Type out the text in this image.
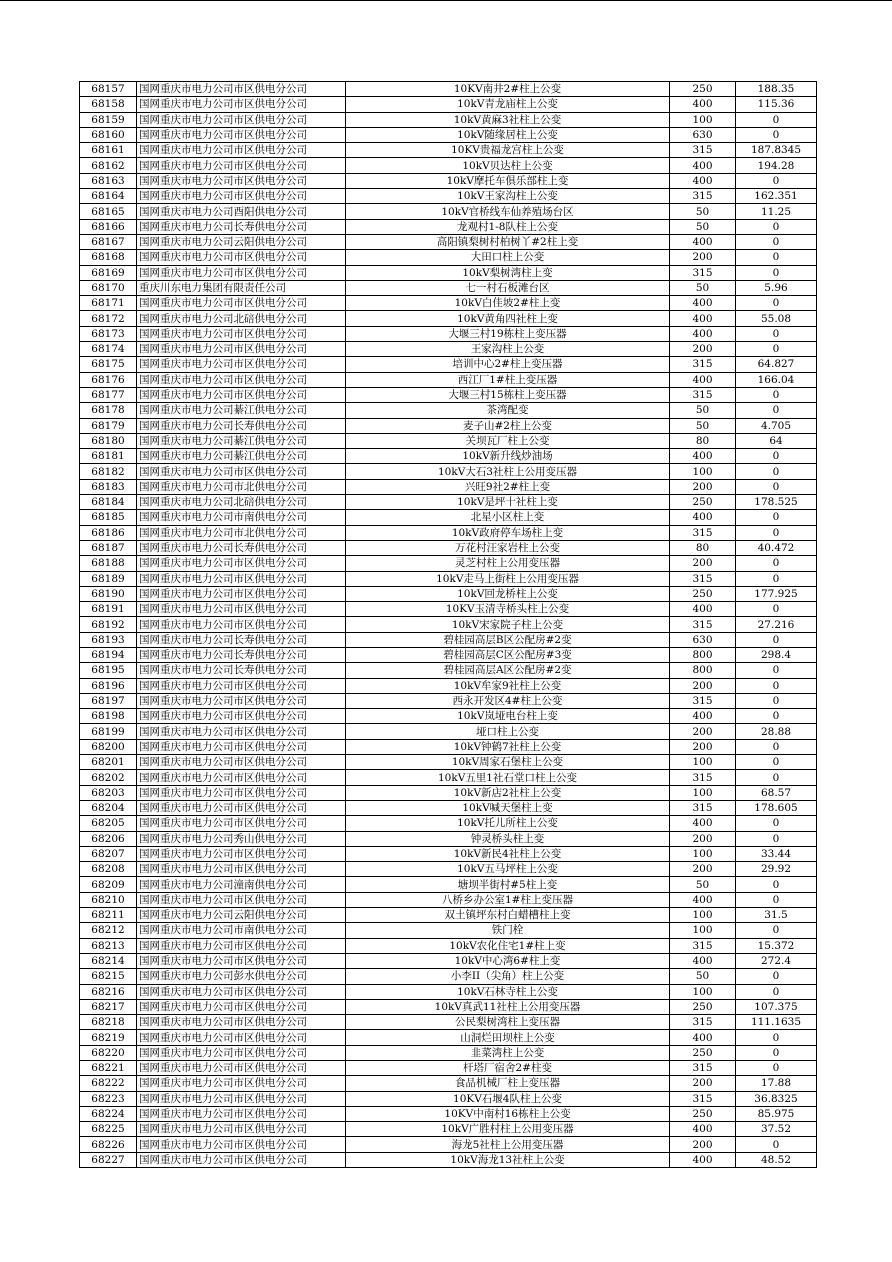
68157	国网重庆市电力公司市区供电分公司	10KV南井2#柱上公变	250	188.35
68158	国网重庆市电力公司市区供电分公司	10kV青龙庙柱上公变	400	115.36
68159	国网重庆市电力公司市区供电分公司	10kV黄麻3社柱上公变	100	0
68160	国网重庆市电力公司市区供电分公司	10kV随缘居柱上公变	630	0
68161	国网重庆市电力公司市区供电分公司	10KV贵福龙宫柱上公变	315	187.8345
68162	国网重庆市电力公司市区供电分公司	10kV贝达柱上公变	400	194.28
68163	国网重庆市电力公司市区供电分公司	10kV摩托车俱乐部柱上变	400	0
68164	国网重庆市电力公司市区供电分公司	10kV王家沟柱上公变	315	162.351
68165	国网重庆市电力公司酉阳供电分公司	10kV官桥线车仙养殖场台区	50	11.25
68166	国网重庆市电力公司长寿供电分公司	龙观村1-8队柱上公变	50	0
68167	国网重庆市电力公司云阳供电分公司	高阳镇梨树村柏树丫#2柱上变	400	0
68168	国网重庆市电力公司市区供电分公司	大田口柱上公变	200	0
68169	国网重庆市电力公司市区供电分公司	10kV梨树湾柱上变	315	0
68170	重庆川东电力集团有限责任公司	七一村石板滩台区	50	5.96
68171	国网重庆市电力公司市区供电分公司	10kV白佳坡2#柱上变	400	0
68172	国网重庆市电力公司北碚供电分公司	10kV黄角四社柱上变	400	55.08
68173	国网重庆市电力公司市区供电分公司	大堰三村19栋柱上变压器	400	0
68174	国网重庆市电力公司市区供电分公司	王家沟柱上公变	200	0
68175	国网重庆市电力公司市区供电分公司	培训中心2#柱上变压器	315	64.827
68176	国网重庆市电力公司市区供电分公司	西江厂1#柱上变压器	400	166.04
68177	国网重庆市电力公司市区供电分公司	大堰三村15栋柱上变压器	315	0
68178	国网重庆市电力公司綦江供电分公司	茶湾配变	50	0
68179	国网重庆市电力公司长寿供电分公司	麦子山#2柱上公变	50	4.705
68180	国网重庆市电力公司綦江供电分公司	关坝瓦厂柱上公变	80	64
68181	国网重庆市电力公司綦江供电分公司	10kV新升线炒油场	400	0
68182	国网重庆市电力公司市区供电分公司	10kV大石3社柱上公用变压器	100	0
68183	国网重庆市电力公司市北供电分公司	兴旺9社2#柱上变	200	0
68184	国网重庆市电力公司北碚供电分公司	10kV是坪十社柱上变	250	178.525
68185	国网重庆市电力公司市南供电分公司	北星小区柱上变	400	0
68186	国网重庆市电力公司市北供电分公司	10kV政府停车场柱上变	315	0
68187	国网重庆市电力公司长寿供电分公司	万花村汪家岩柱上公变	80	40.472
68188	国网重庆市电力公司市区供电分公司	灵芝村柱上公用变压器	200	0
68189	国网重庆市电力公司市区供电分公司	10kV走马上街柱上公用变压器	315	0
68190	国网重庆市电力公司市区供电分公司	10kV回龙桥柱上公变	250	177.925
68191	国网重庆市电力公司市区供电分公司	10KV玉清寺桥头柱上公变	400	0
68192	国网重庆市电力公司市区供电分公司	10kV宋家院子柱上公变	315	27.216
68193	国网重庆市电力公司长寿供电分公司	碧桂园高层B区公配房#2变	630	0
68194	国网重庆市电力公司长寿供电分公司	碧桂园高层C区公配房#3变	800	298.4
68195	国网重庆市电力公司长寿供电分公司	碧桂园高层A区公配房#2变	800	0
68196	国网重庆市电力公司市区供电分公司	10kV牟家9社柱上公变	200	0
68197	国网重庆市电力公司市区供电分公司	西永开发区4#柱上公变	315	0
68198	国网重庆市电力公司市区供电分公司	10kV岚垭电台柱上变	400	0
68199	国网重庆市电力公司市区供电分公司	垭口柱上公变	200	28.88
68200	国网重庆市电力公司市区供电分公司	10kV钟鹤7社柱上公变	200	0
68201	国网重庆市电力公司市区供电分公司	10kV周家石堡柱上公变	100	0
68202	国网重庆市电力公司市区供电分公司	10kV五里1社石堂口柱上公变	315	0
68203	国网重庆市电力公司市区供电分公司	10kV新店2社柱上公变	100	68.57
68204	国网重庆市电力公司市区供电分公司	10kV喊天堡柱上变	315	178.605
68205	国网重庆市电力公司市区供电分公司	10kV托儿所柱上公变	400	0
68206	国网重庆市电力公司秀山供电分公司	钟灵桥头柱上变	200	0
68207	国网重庆市电力公司市区供电分公司	10kV新民4社柱上公变	100	33.44
68208	国网重庆市电力公司市区供电分公司	10kV五马坪柱上公变	200	29.92
68209	国网重庆市电力公司潼南供电分公司	塘坝半街村#5柱上变	50	0
68210	国网重庆市电力公司市区供电分公司	八桥乡办公室1#柱上变压器	400	0
68211	国网重庆市电力公司云阳供电分公司	双土镇坪东村白蜡槽柱上变	100	31.5
68212	国网重庆市电力公司市南供电分公司	铁门栓	100	0
68213	国网重庆市电力公司市区供电分公司	10kV农化住宅1#柱上变	315	15.372
68214	国网重庆市电力公司市区供电分公司	10kV中心湾6#柱上变	400	272.4
68215	国网重庆市电力公司彭水供电分公司	小李II（尖角）柱上公变	50	0
68216	国网重庆市电力公司市区供电分公司	10kV石林寺柱上公变	100	0
68217	国网重庆市电力公司市区供电分公司	10kV真武11社柱上公用变压器	250	107.375
68218	国网重庆市电力公司市区供电分公司	公民梨树湾柱上变压器	315	111.1635
68219	国网重庆市电力公司市区供电分公司	山洞烂田坝柱上公变	400	0
68220	国网重庆市电力公司市区供电分公司	韭菜湾柱上公变	250	0
68221	国网重庆市电力公司市区供电分公司	杆塔厂宿舍2#柱变	315	0
68222	国网重庆市电力公司市区供电分公司	食品机械厂柱上变压器	200	17.88
68223	国网重庆市电力公司市区供电分公司	10KV石堰4队柱上公变	315	36.8325
68224	国网重庆市电力公司市区供电分公司	10KV中南村16栋柱上公变	250	85.975
68225	国网重庆市电力公司市区供电分公司	10kV广胜村柱上公用变压器	400	37.52
68226	国网重庆市电力公司市区供电分公司	海龙5社柱上公用变压器	200	0
68227	国网重庆市电力公司市区供电分公司	10kV海龙13社柱上公变	400	48.52
